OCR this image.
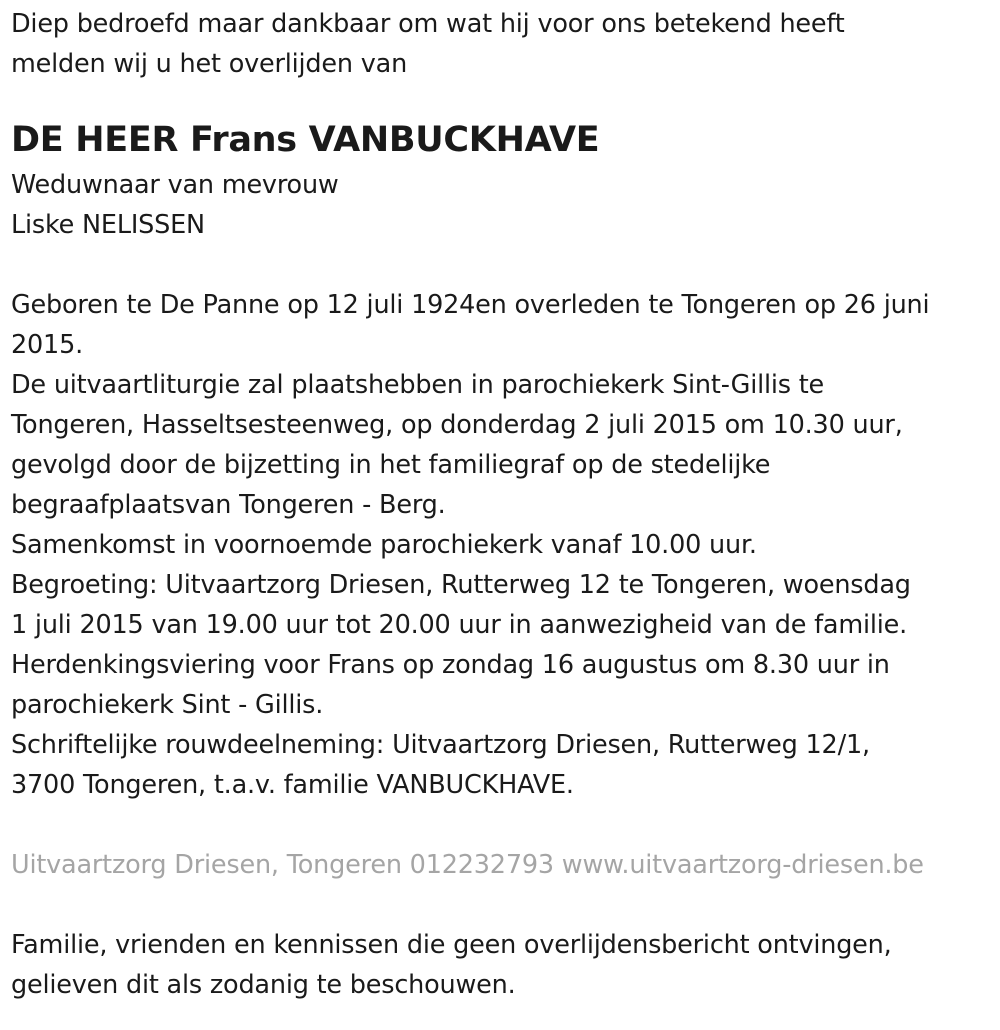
Diep bedroefd maar dankbaar om wat hij voor ons betekend heeft
melden wij u het overlijden van
DE HEER Frans VANBUCKHAVE
Weduwnaar van mevrouw
Liske NELISSEN
Geboren te De Panne op 12 juli 1924en overleden te Tongeren op 26 juni
2015.
De uitvaartliturgie zal plaatshebben in parochiekerk Sint-Gillis te
Tongeren, Hasseltsesteenweg, op donderdag 2 juli 2015 om 10.30 uur,
gevolgd door de bijzetting in het familiegraf op de stedelijke
begraafplaatsvan Tongeren - Berg.
Samenkomst in voornoemde parochiekerk vanaf 10.00 uur.
Begroeting: Uitvaartzorg Driesen, Rutterweg 12 te Tongeren, woensdag
1 juli 2015 van 19.00 uur tot 20.00 uur in aanwezigheid van de familie.
Herdenkingsviering voor Frans op zondag 16 augustus om 8.30 uur in
parochiekerk Sint - Gillis.
Schriftelijke rouwdeelneming: Uitvaartzorg Driesen, Rutterweg 12/1,
3700 Tongeren, t.a.v. familie VANBUCKHAVE.
Uitvaartzorg Driesen, Tongeren 012232793 www.uitvaartzorg-driesen.be
Familie, vrienden en kennissen die geen overlijdensbericht ontvingen,
gelieven dit als zodanig te beschouwen.
